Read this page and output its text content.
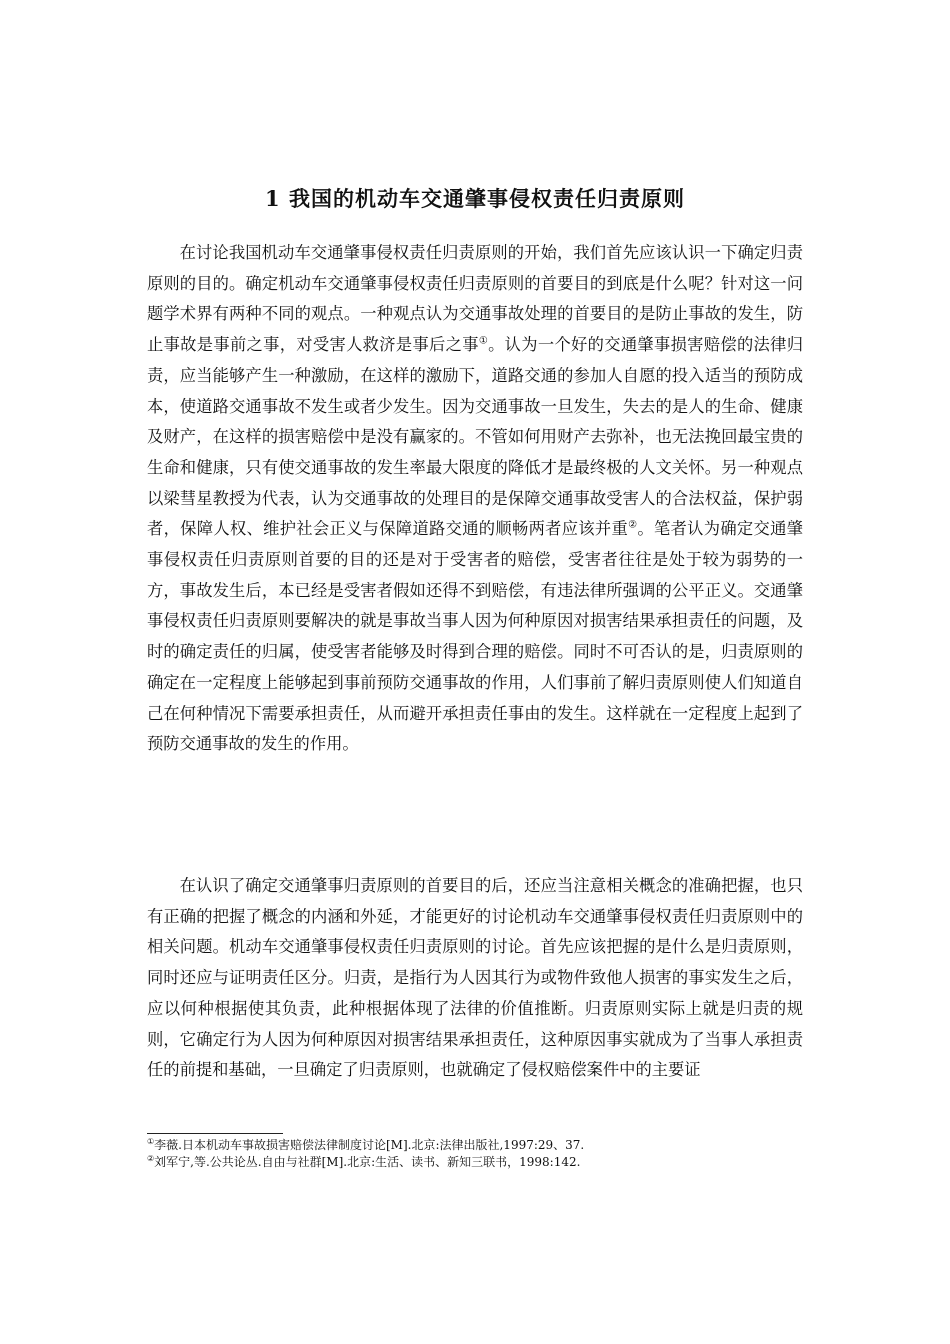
1 我国的机动车交通肇事侵权责任归责原则

在讨论我国机动车交通肇事侵权责任归责原则的开始，我们首先应该认识一下确定归责原则的目的。确定机动车交通肇事侵权责任归责原则的首要目的到底是什么呢？针对这一问题学术界有两种不同的观点。一种观点认为交通事故处理的首要目的是防止事故的发生，防止事故是事前之事，对受害人救济是事后之事①。认为一个好的交通肇事损害赔偿的法律归责，应当能够产生一种激励，在这样的激励下，道路交通的参加人自愿的投入适当的预防成本，使道路交通事故不发生或者少发生。因为交通事故一旦发生，失去的是人的生命、健康及财产，在这样的损害赔偿中是没有赢家的。不管如何用财产去弥补，也无法挽回最宝贵的生命和健康，只有使交通事故的发生率最大限度的降低才是最终极的人文关怀。另一种观点以梁彗星教授为代表，认为交通事故的处理目的是保障交通事故受害人的合法权益，保护弱者，保障人权、维护社会正义与保障道路交通的顺畅两者应该并重②。笔者认为确定交通肇事侵权责任归责原则首要的目的还是对于受害者的赔偿，受害者往往是处于较为弱势的一方，事故发生后，本已经是受害者假如还得不到赔偿，有违法律所强调的公平正义。交通肇事侵权责任归责原则要解决的就是事故当事人因为何种原因对损害结果承担责任的问题，及时的确定责任的归属，使受害者能够及时得到合理的赔偿。同时不可否认的是，归责原则的确定在一定程度上能够起到事前预防交通事故的作用，人们事前了解归责原则使人们知道自己在何种情况下需要承担责任，从而避开承担责任事由的发生。这样就在一定程度上起到了预防交通事故的发生的作用。

在认识了确定交通肇事归责原则的首要目的后，还应当注意相关概念的准确把握，也只有正确的把握了概念的内涵和外延，才能更好的讨论机动车交通肇事侵权责任归责原则中的相关问题。机动车交通肇事侵权责任归责原则的讨论。首先应该把握的是什么是归责原则，同时还应与证明责任区分。归责，是指行为人因其行为或物件致他人损害的事实发生之后，应以何种根据使其负责，此种根据体现了法律的价值推断。归责原则实际上就是归责的规则，它确定行为人因为何种原因对损害结果承担责任，这种原因事实就成为了当事人承担责任的前提和基础，一旦确定了归责原则，也就确定了侵权赔偿案件中的主要证

①李薇.日本机动车事故损害赔偿法律制度讨论[M].北京:法律出版社,1997:29、37.
②刘军宁,等.公共论丛.自由与社群[M].北京:生活、读书、新知三联书，1998:142.
